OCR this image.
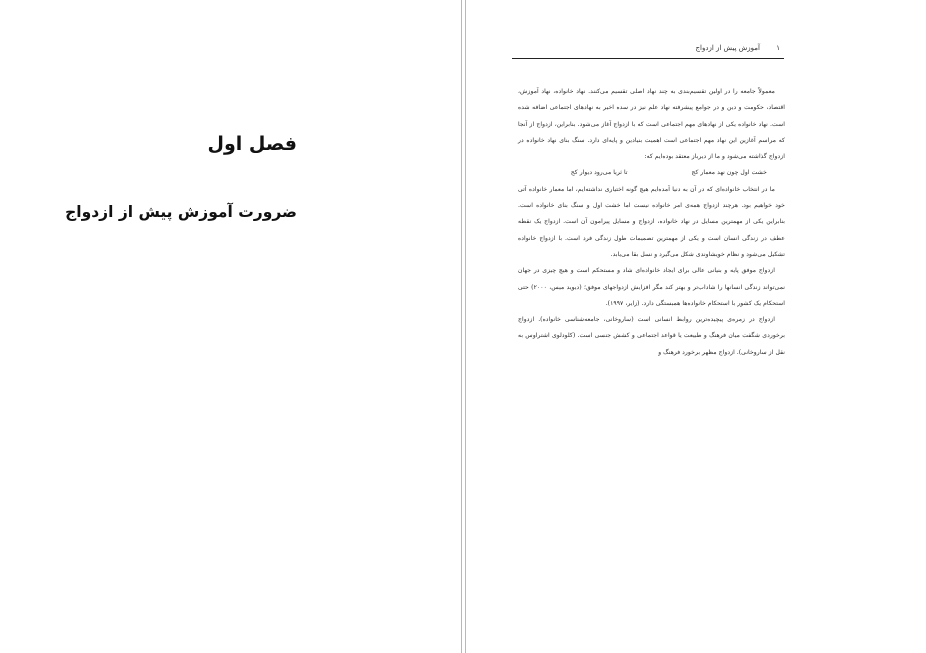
فصل اول
ضرورت آموزش پیش از ازدواج
۱
آموزش پیش از ازدواج

معمولاً جامعه را در اولین تقسیم‌بندی به چند نهاد اصلی تقسیم می‌کنند. نهاد خانواده، نهاد آموزش، اقتصاد، حکومت و دین و در جوامع پیشرفته نهاد علم نیز در سده اخیر به نهادهای اجتماعی اضافه شده است. نهاد خانواده یکی از نهادهای مهم اجتماعی است که با ازدواج آغاز می‌شود. بنابراین، ازدواج از آنجا که مراسم آغازین این نهاد مهم اجتماعی است اهمیت بنیادین و پایه‌ای دارد. سنگ بنای نهاد خانواده در ازدواج گذاشته می‌شود و ما از دیرباز معتقد بوده‌ایم که:

خشت اول چون نهد معمار کج
تا ثریا می‌رود دیوار کج

ما در انتخاب خانواده‌ای که در آن به دنیا آمده‌ایم هیچ گونه اختیاری نداشته‌ایم، اما معمار خانواده آتی خود خواهیم بود. هرچند ازدواج همه‌ی امر خانواده نیست اما خشت اول و سنگ بنای خانواده است. بنابراین یکی از مهمترین مسایل در نهاد خانواده، ازدواج و مسایل پیرامون آن است. ازدواج یک نقطه عطف در زندگی انسان است و یکی از مهمترین تصمیمات طول زندگی فرد است. با ازدواج خانواده تشکیل می‌شود و نظام خویشاوندی شکل می‌گیرد و نسل بقا می‌یابد.

ازدواج موفق پایه و بنیانی عالی برای ایجاد خانواده‌ای شاد و مستحکم است و هیچ چیزی در جهان نمی‌تواند زندگی انسانها را شاداب‌تر و بهتر کند مگر افزایش ازدواجهای موفق؛ (دیوید میس، ۲۰۰۰) حتی استحکام یک کشور با استحکام خانواده‌ها همبستگی دارد. (زایر، ۱۹۹۷).

ازدواج در زمره‌ی پیچیده‌ترین روابط انسانی است (ساروخانی، جامعه‌شناسی خانواده). ازدواج برخوردی شگفت میان فرهنگ و طبیعت یا قواعد اجتماعی و کشش جنسی است. (کلودلوی اشتراوس به نقل از ساروخانی). ازدواج مظهر برخورد فرهنگ و
